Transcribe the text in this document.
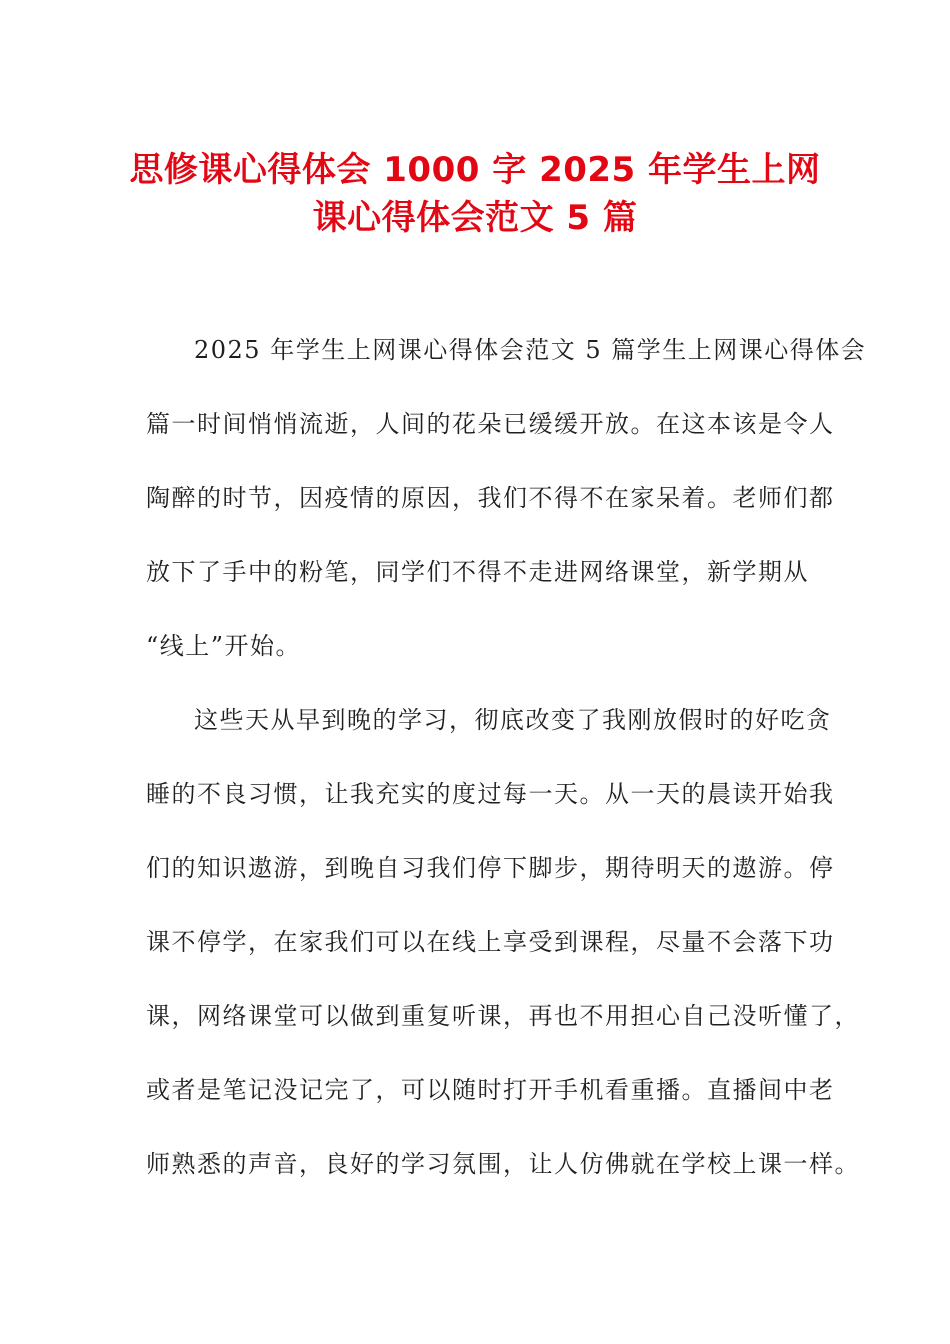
思修课心得体会 1000 字 2025 年学生上网
课心得体会范文 5 篇

2025 年学生上网课心得体会范文 5 篇学生上网课心得体会
篇一时间悄悄流逝，人间的花朵已缓缓开放。在这本该是令人
陶醉的时节，因疫情的原因，我们不得不在家呆着。老师们都
放下了手中的粉笔，同学们不得不走进网络课堂，新学期从
“线上”开始。

这些天从早到晚的学习，彻底改变了我刚放假时的好吃贪
睡的不良习惯，让我充实的度过每一天。从一天的晨读开始我
们的知识遨游，到晚自习我们停下脚步，期待明天的遨游。停
课不停学，在家我们可以在线上享受到课程，尽量不会落下功
课，网络课堂可以做到重复听课，再也不用担心自己没听懂了，
或者是笔记没记完了，可以随时打开手机看重播。直播间中老
师熟悉的声音，良好的学习氛围，让人仿佛就在学校上课一样。
